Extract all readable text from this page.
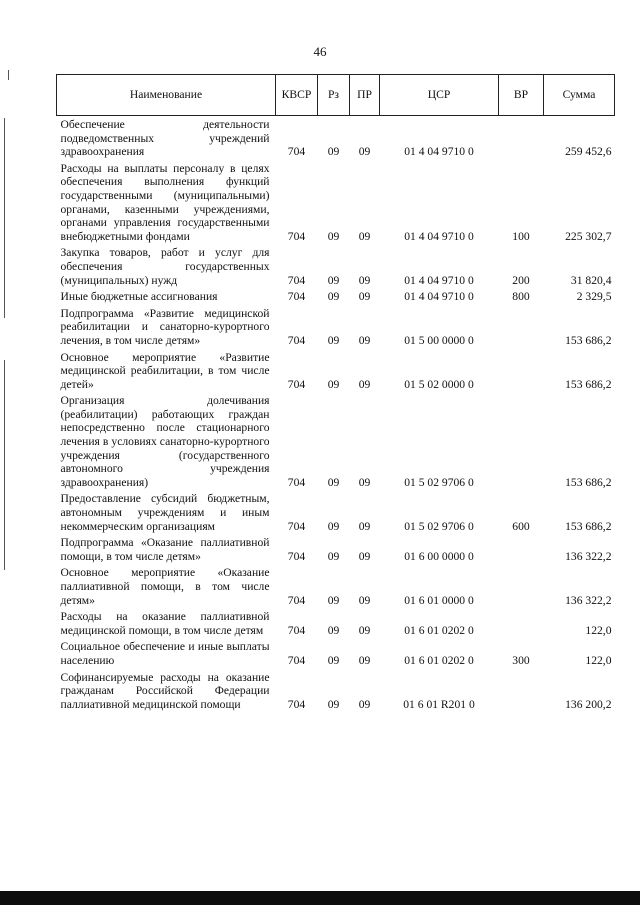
46
Наименование	КВСР	Рз	ПР	ЦСР	ВР	Сумма
Обеспечение деятельности подведомственных учреждений здравоохранения	704	09	09	01 4 04 9710 0		259 452,6
Расходы на выплаты персоналу в целях обеспечения выполнения функций государственными (муниципальными) органами, казенными учреждениями, органами управления государственными внебюджетными фондами	704	09	09	01 4 04 9710 0	100	225 302,7
Закупка товаров, работ и услуг для обеспечения государственных (муниципальных) нужд	704	09	09	01 4 04 9710 0	200	31 820,4
Иные бюджетные ассигнования	704	09	09	01 4 04 9710 0	800	2 329,5
Подпрограмма «Развитие медицинской реабилитации и санаторно-курортного лечения, в том числе детям»	704	09	09	01 5 00 0000 0		153 686,2
Основное мероприятие «Развитие медицинской реабилитации, в том числе детей»	704	09	09	01 5 02 0000 0		153 686,2
Организация долечивания (реабилитации) работающих граждан непосредственно после стационарного лечения в условиях санаторно-курортного учреждения (государственного автономного учреждения здравоохранения)	704	09	09	01 5 02 9706 0		153 686,2
Предоставление субсидий бюджетным, автономным учреждениям и иным некоммерческим организациям	704	09	09	01 5 02 9706 0	600	153 686,2
Подпрограмма «Оказание паллиативной помощи, в том числе детям»	704	09	09	01 6 00 0000 0		136 322,2
Основное мероприятие «Оказание паллиативной помощи, в том числе детям»	704	09	09	01 6 01 0000 0		136 322,2
Расходы на оказание паллиативной медицинской помощи, в том числе детям	704	09	09	01 6 01 0202 0		122,0
Социальное обеспечение и иные выплаты населению	704	09	09	01 6 01 0202 0	300	122,0
Софинансируемые расходы на оказание гражданам Российской Федерации паллиативной медицинской помощи	704	09	09	01 6 01 R201 0		136 200,2
